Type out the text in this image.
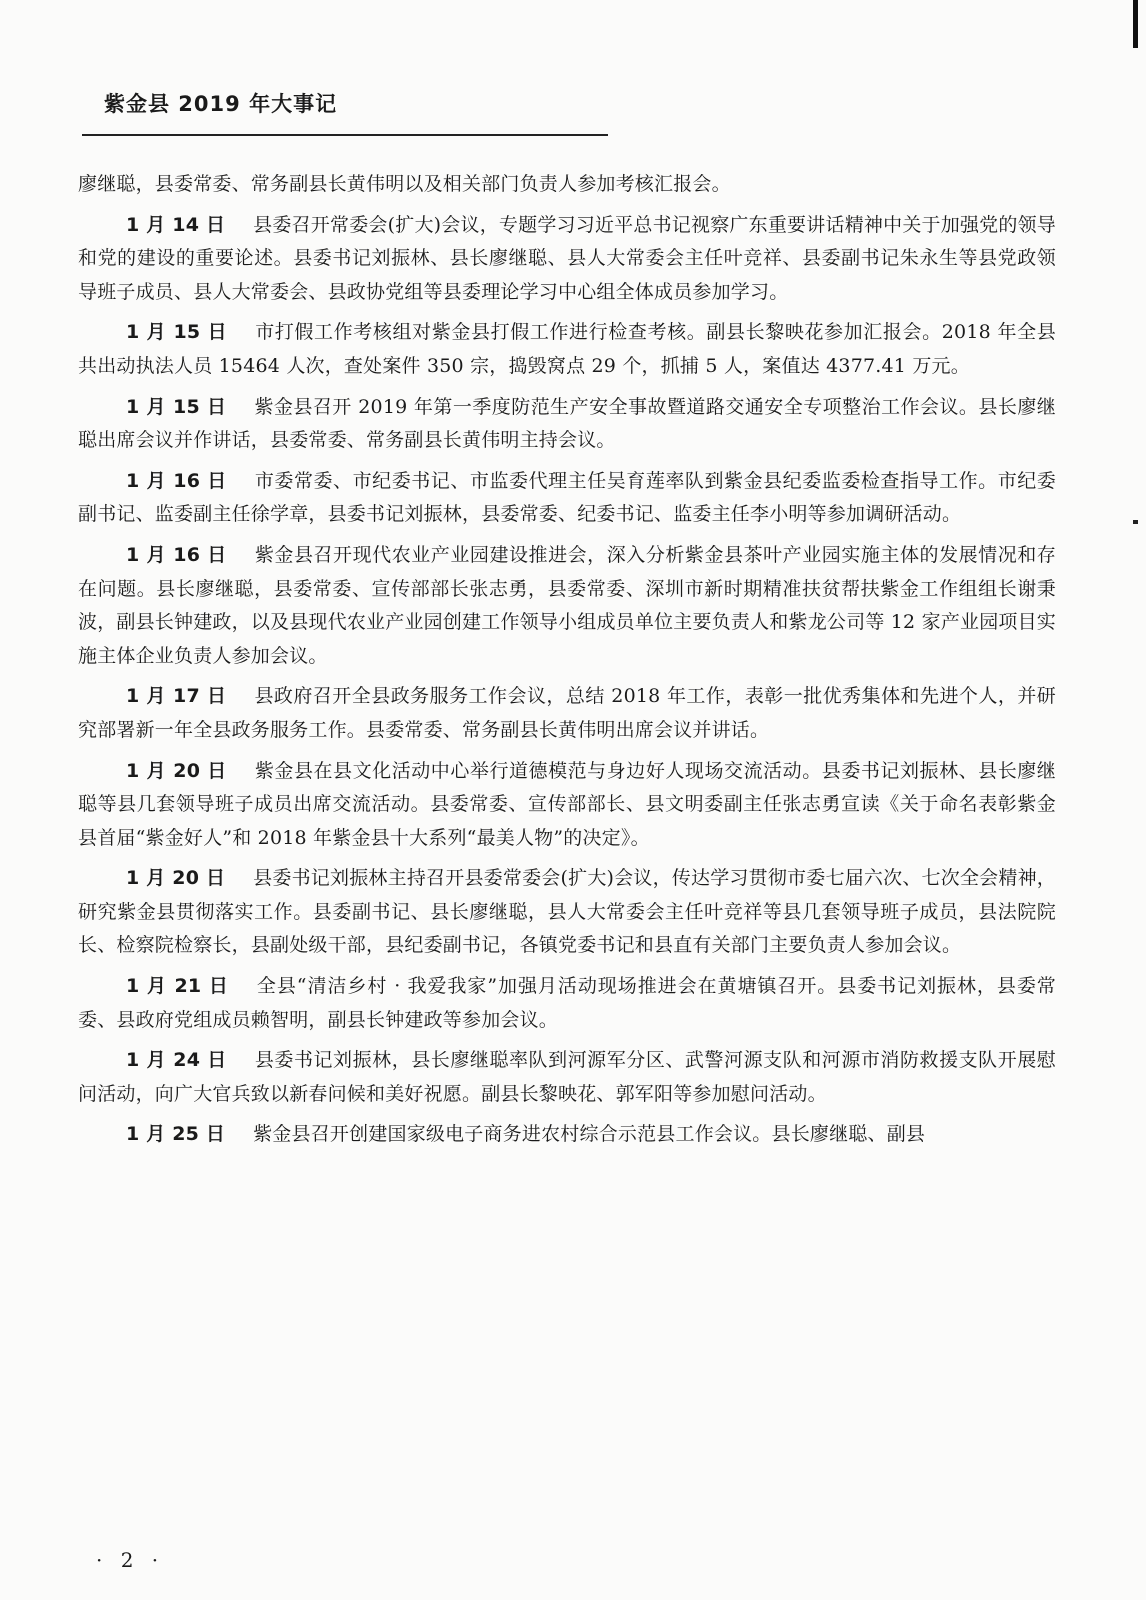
紫金县 2019 年大事记

廖继聪，县委常委、常务副县长黄伟明以及相关部门负责人参加考核汇报会。

1 月 14 日 县委召开常委会(扩大)会议，专题学习习近平总书记视察广东重要讲话精神中关于加强党的领导和党的建设的重要论述。县委书记刘振林、县长廖继聪、县人大常委会主任叶竞祥、县委副书记朱永生等县党政领导班子成员、县人大常委会、县政协党组等县委理论学习中心组全体成员参加学习。

1 月 15 日 市打假工作考核组对紫金县打假工作进行检查考核。副县长黎映花参加汇报会。2018 年全县共出动执法人员 15464 人次，查处案件 350 宗，捣毁窝点 29 个，抓捕 5 人，案值达 4377.41 万元。

1 月 15 日 紫金县召开 2019 年第一季度防范生产安全事故暨道路交通安全专项整治工作会议。县长廖继聪出席会议并作讲话，县委常委、常务副县长黄伟明主持会议。

1 月 16 日 市委常委、市纪委书记、市监委代理主任吴育莲率队到紫金县纪委监委检查指导工作。市纪委副书记、监委副主任徐学章，县委书记刘振林，县委常委、纪委书记、监委主任李小明等参加调研活动。

1 月 16 日 紫金县召开现代农业产业园建设推进会，深入分析紫金县茶叶产业园实施主体的发展情况和存在问题。县长廖继聪，县委常委、宣传部部长张志勇，县委常委、深圳市新时期精准扶贫帮扶紫金工作组组长谢秉波，副县长钟建政，以及县现代农业产业园创建工作领导小组成员单位主要负责人和紫龙公司等 12 家产业园项目实施主体企业负责人参加会议。

1 月 17 日 县政府召开全县政务服务工作会议，总结 2018 年工作，表彰一批优秀集体和先进个人，并研究部署新一年全县政务服务工作。县委常委、常务副县长黄伟明出席会议并讲话。

1 月 20 日 紫金县在县文化活动中心举行道德模范与身边好人现场交流活动。县委书记刘振林、县长廖继聪等县几套领导班子成员出席交流活动。县委常委、宣传部部长、县文明委副主任张志勇宣读《关于命名表彰紫金县首届“紫金好人”和 2018 年紫金县十大系列“最美人物”的决定》。

1 月 20 日 县委书记刘振林主持召开县委常委会(扩大)会议，传达学习贯彻市委七届六次、七次全会精神，研究紫金县贯彻落实工作。县委副书记、县长廖继聪，县人大常委会主任叶竞祥等县几套领导班子成员，县法院院长、检察院检察长，县副处级干部，县纪委副书记，各镇党委书记和县直有关部门主要负责人参加会议。

1 月 21 日 全县“清洁乡村 · 我爱我家”加强月活动现场推进会在黄塘镇召开。县委书记刘振林，县委常委、县政府党组成员赖智明，副县长钟建政等参加会议。

1 月 24 日 县委书记刘振林，县长廖继聪率队到河源军分区、武警河源支队和河源市消防救援支队开展慰问活动，向广大官兵致以新春问候和美好祝愿。副县长黎映花、郭军阳等参加慰问活动。

1 月 25 日 紫金县召开创建国家级电子商务进农村综合示范县工作会议。县长廖继聪、副县

· 2 ·
